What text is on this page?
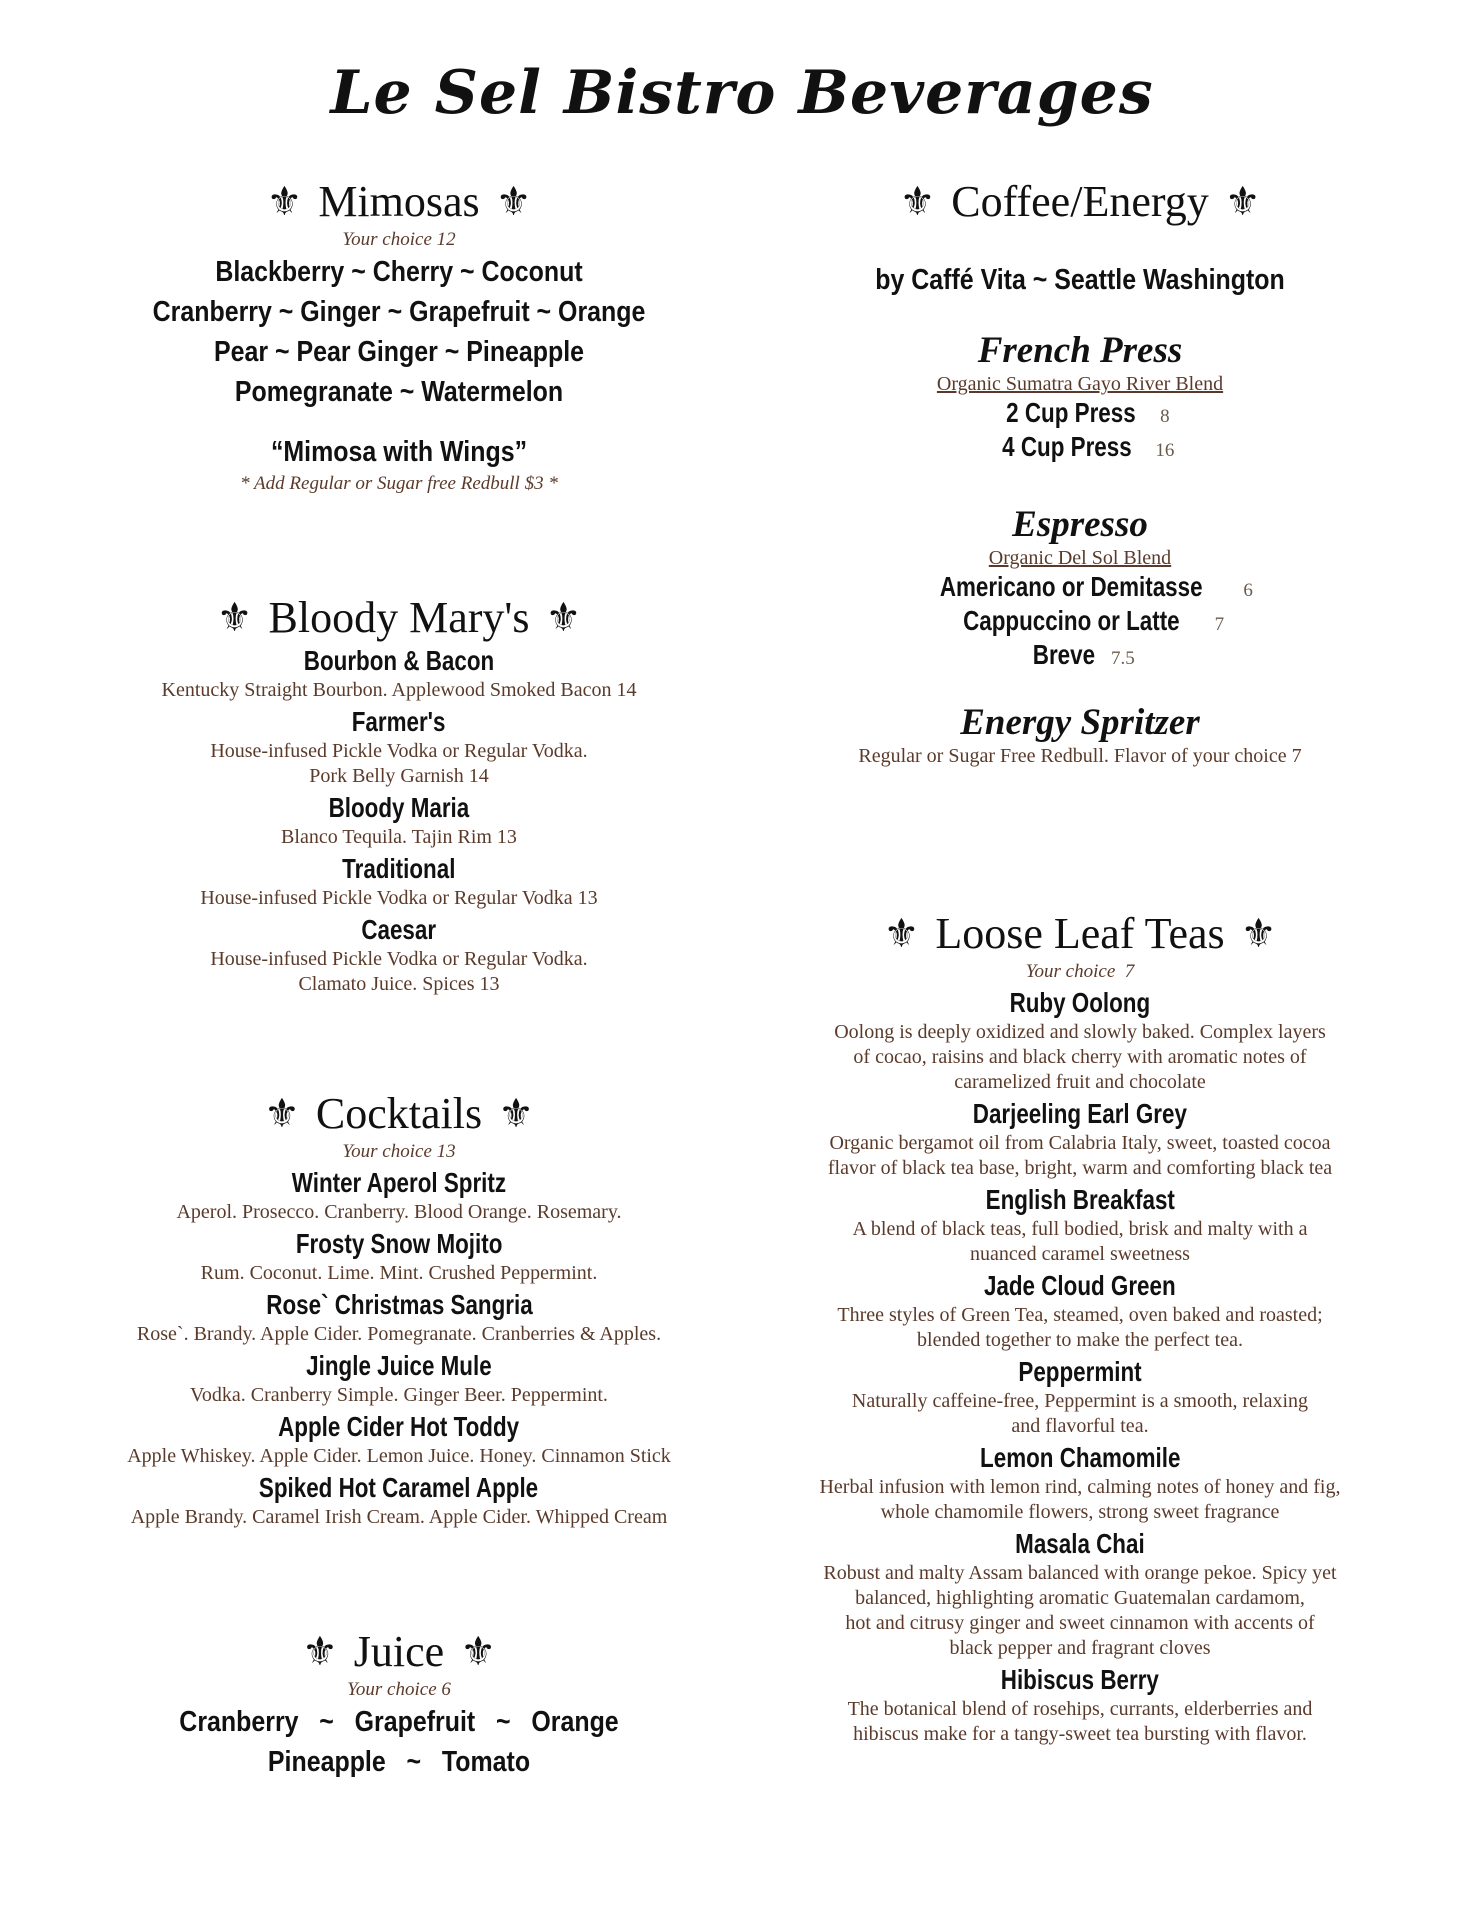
Le Sel Bistro Beverages
⚜ Mimosas ⚜
Your choice 12
Blackberry ~ Cherry ~ Coconut
Cranberry ~ Ginger ~ Grapefruit ~ Orange
Pear ~ Pear Ginger ~ Pineapple
Pomegranate ~ Watermelon
“Mimosa with Wings”
* Add Regular or Sugar free Redbull $3 *
⚜ Bloody Mary's ⚜
Bourbon & Bacon
Kentucky Straight Bourbon. Applewood Smoked Bacon 14
Farmer's
House-infused Pickle Vodka or Regular Vodka.
Pork Belly Garnish 14
Bloody Maria
Blanco Tequila. Tajin Rim 13
Traditional
House-infused Pickle Vodka or Regular Vodka 13
Caesar
House-infused Pickle Vodka or Regular Vodka.
Clamato Juice. Spices 13
⚜ Cocktails ⚜
Your choice 13
Winter Aperol Spritz
Aperol. Prosecco. Cranberry. Blood Orange. Rosemary.
Frosty Snow Mojito
Rum. Coconut. Lime. Mint. Crushed Peppermint.
Rose` Christmas Sangria
Rose`. Brandy. Apple Cider. Pomegranate. Cranberries & Apples.
Jingle Juice Mule
Vodka. Cranberry Simple. Ginger Beer. Peppermint.
Apple Cider Hot Toddy
Apple Whiskey. Apple Cider. Lemon Juice. Honey. Cinnamon Stick
Spiked Hot Caramel Apple
Apple Brandy. Caramel Irish Cream. Apple Cider. Whipped Cream
⚜ Juice ⚜
Your choice 6
Cranberry   ~   Grapefruit   ~   Orange
Pineapple   ~   Tomato
⚜ Coffee/Energy ⚜
by Caffé Vita ~ Seattle Washington
French Press
Organic Sumatra Gayo River Blend
2 Cup Press 8
4 Cup Press 16
Espresso
Organic Del Sol Blend
Americano or Demitasse 6
Cappuccino or Latte 7
Breve 7.5
Energy Spritzer
Regular or Sugar Free Redbull. Flavor of your choice 7
⚜ Loose Leaf Teas ⚜
Your choice  7
Ruby Oolong
Oolong is deeply oxidized and slowly baked. Complex layers
of cocao, raisins and black cherry with aromatic notes of
caramelized fruit and chocolate
Darjeeling Earl Grey
Organic bergamot oil from Calabria Italy, sweet, toasted cocoa
flavor of black tea base, bright, warm and comforting black tea
English Breakfast
A blend of black teas, full bodied, brisk and malty with a
nuanced caramel sweetness
Jade Cloud Green
Three styles of Green Tea, steamed, oven baked and roasted;
blended together to make the perfect tea.
Peppermint
Naturally caffeine-free, Peppermint is a smooth, relaxing
and flavorful tea.
Lemon Chamomile
Herbal infusion with lemon rind, calming notes of honey and fig,
whole chamomile flowers, strong sweet fragrance
Masala Chai
Robust and malty Assam balanced with orange pekoe. Spicy yet
balanced, highlighting aromatic Guatemalan cardamom,
hot and citrusy ginger and sweet cinnamon with accents of
black pepper and fragrant cloves
Hibiscus Berry
The botanical blend of rosehips, currants, elderberries and
hibiscus make for a tangy-sweet tea bursting with flavor.
